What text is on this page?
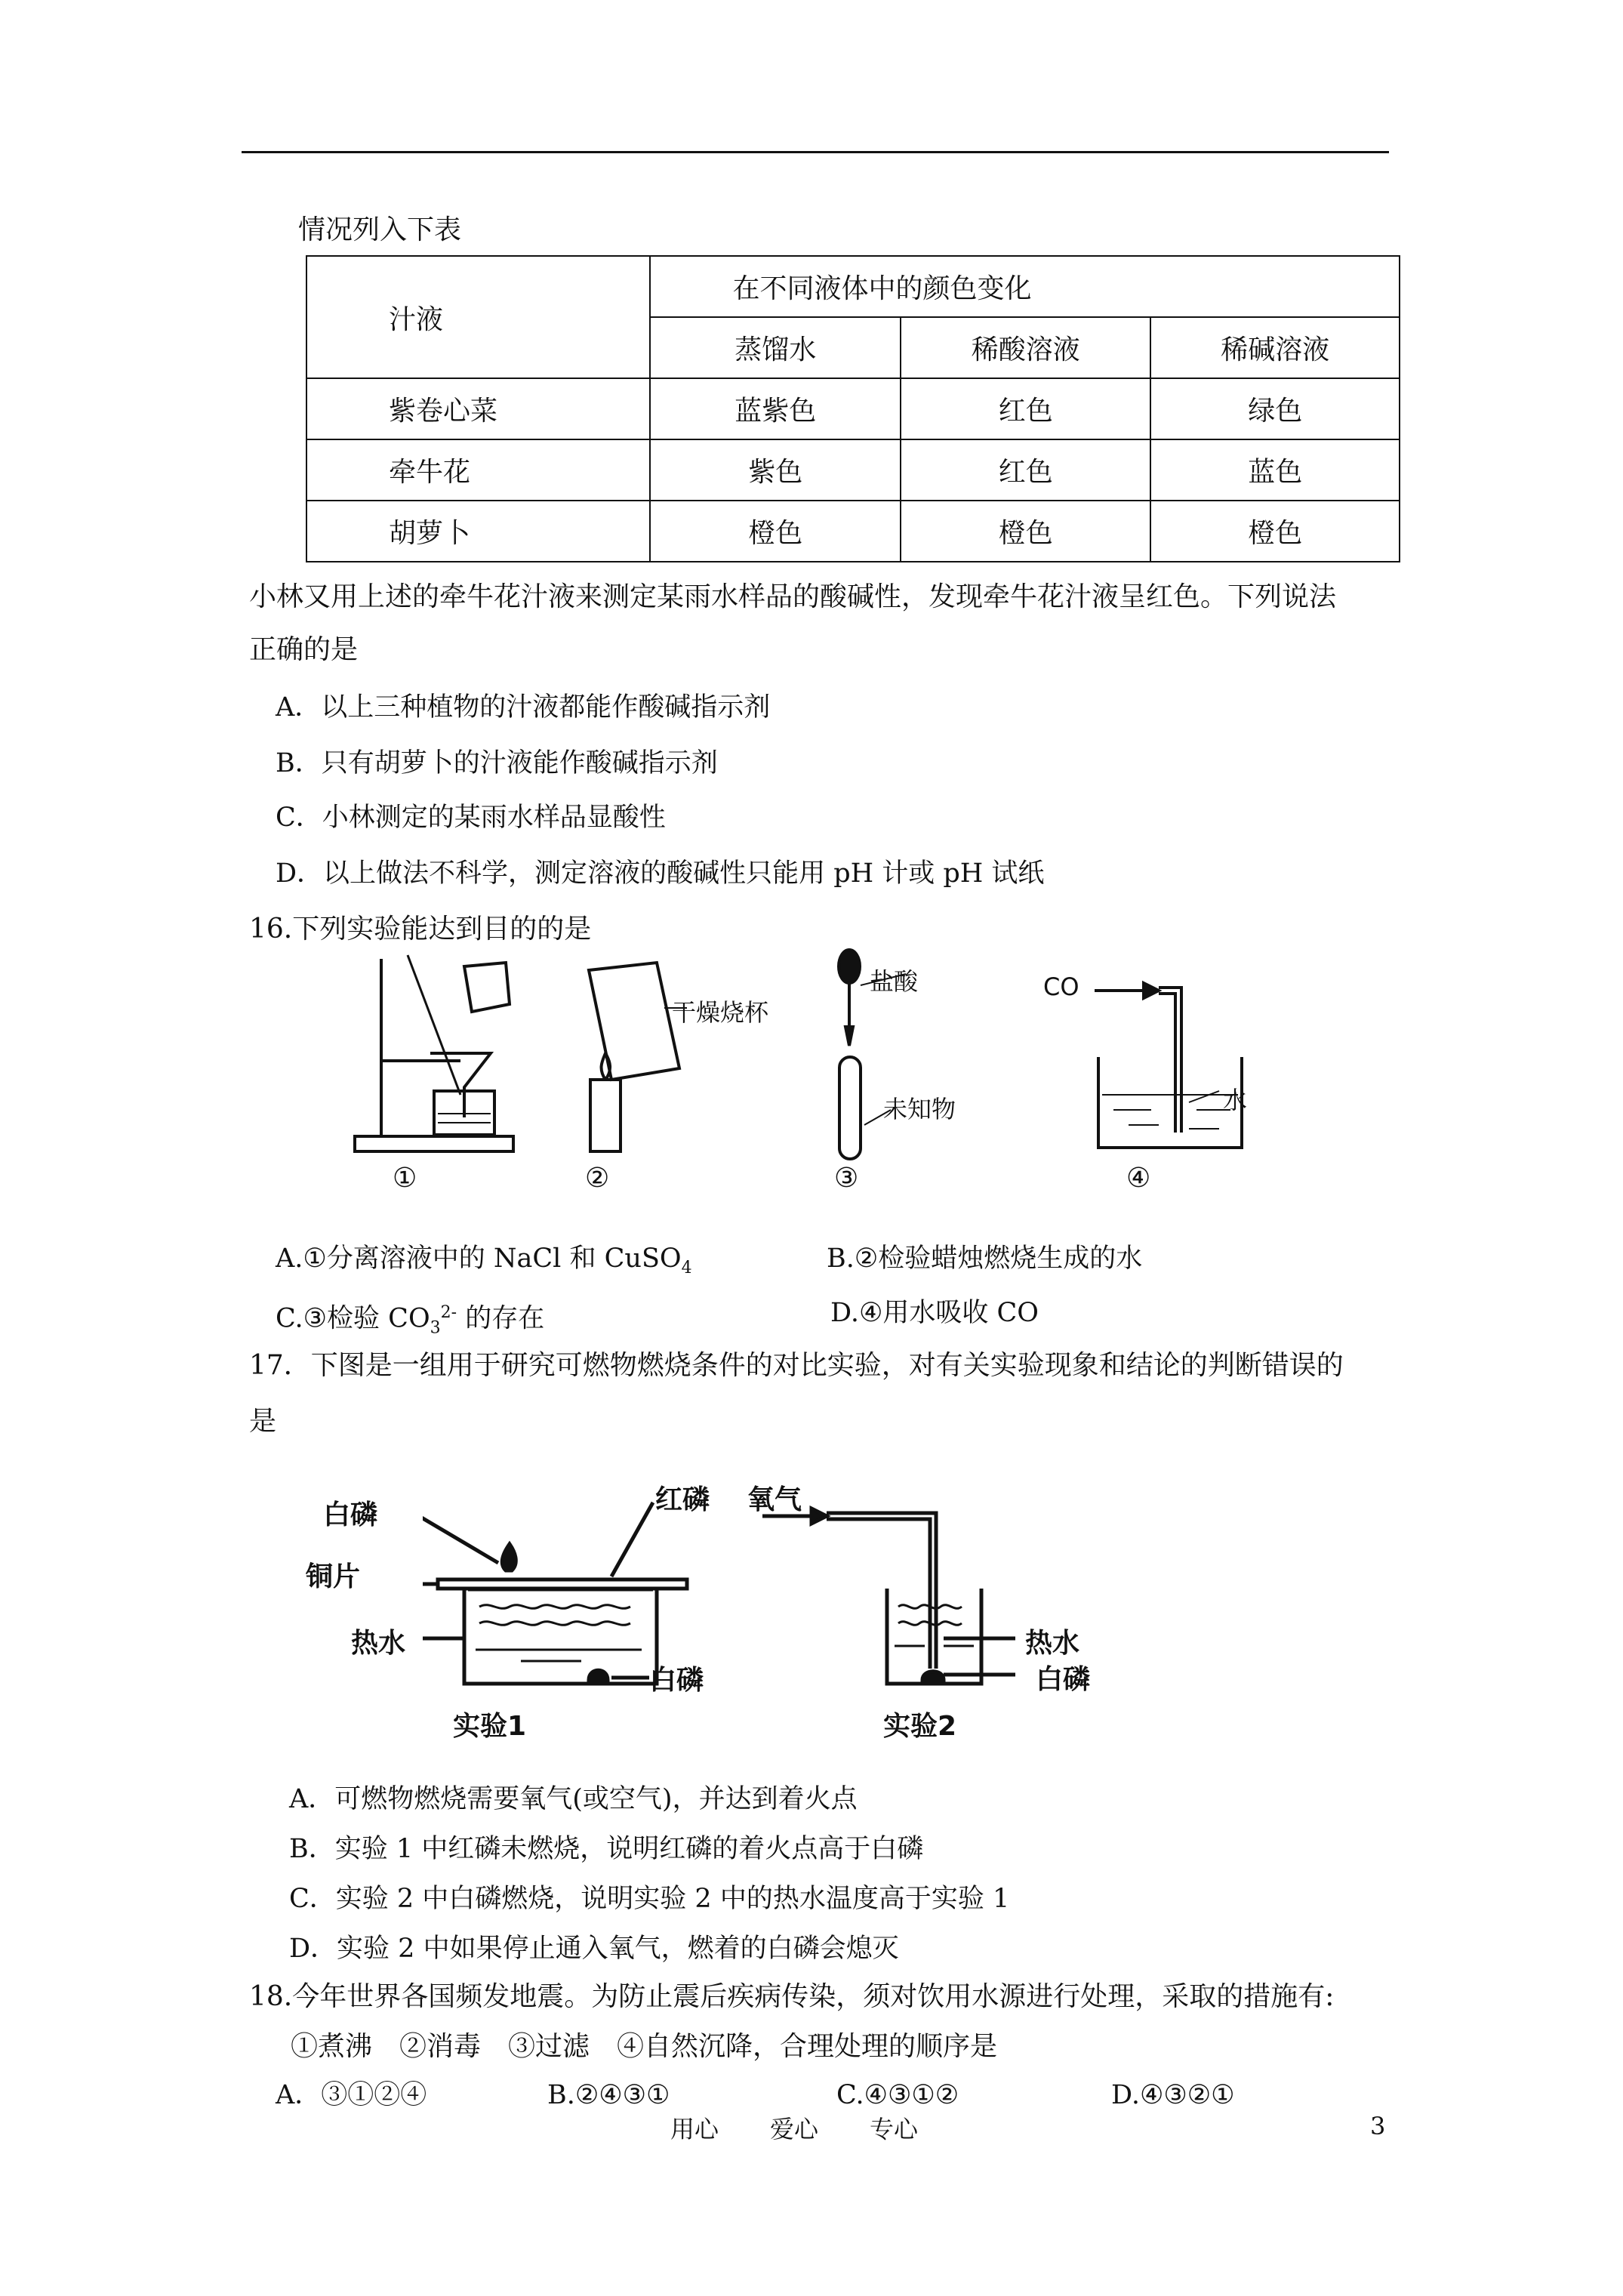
情况列入下表
汁液	在不同液体中的颜色变化		
	蒸馏水	稀酸溶液	稀碱溶液
紫卷心菜	蓝紫色	红色	绿色
牵牛花	紫色	红色	蓝色
胡萝卜	橙色	橙色	橙色
小林又用上述的牵牛花汁液来测定某雨水样品的酸碱性，发现牵牛花汁液呈红色。下列说法
正确的是
A．以上三种植物的汁液都能作酸碱指示剂
B．只有胡萝卜的汁液能作酸碱指示剂
C．小林测定的某雨水样品显酸性
D．以上做法不科学，测定溶液的酸碱性只能用 pH 计或 pH 试纸
16.下列实验能达到目的的是
干燥烧杯
盐酸
未知物
CO
水
①	②	③	④
A.①分离溶液中的 NaCl 和 CuSO$_4$	B.②检验蜡烛燃烧生成的水
C.③检验 $CO_3^{2-}$ 的存在	D.④用水吸收 CO
17．下图是一组用于研究可燃物燃烧条件的对比实验，对有关实验现象和结论的判断错误的
是
白磷	红磷
铜片
热水
白磷
实验1
氧气
热水
白磷
实验2
A．可燃物燃烧需要氧气(或空气)，并达到着火点
B．实验 1 中红磷未燃烧，说明红磷的着火点高于白磷
C．实验 2 中白磷燃烧，说明实验 2 中的热水温度高于实验 1
D．实验 2 中如果停止通入氧气，燃着的白磷会熄灭
18.今年世界各国频发地震。为防止震后疾病传染，须对饮用水源进行处理，采取的措施有:
①煮沸　②消毒　③过滤　④自然沉降，合理处理的顺序是
A．③①②④	B.②④③①	C.④③①②	D.④③②①
用心 爱心 专心	3
